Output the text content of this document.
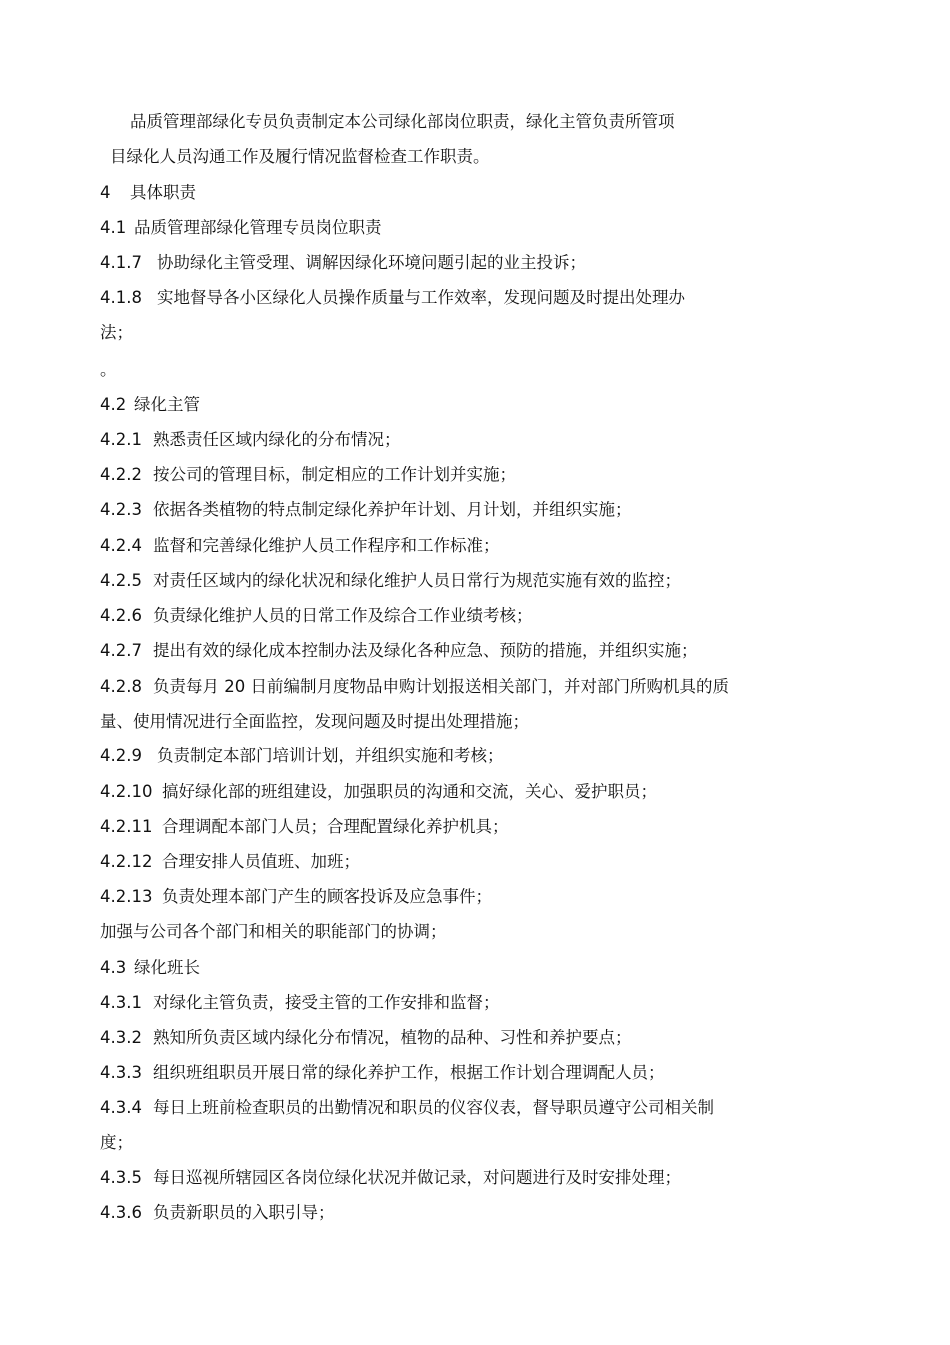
品质管理部绿化专员负责制定本公司绿化部岗位职责，绿化主管负责所管项
目绿化人员沟通工作及履行情况监督检查工作职责。
4 具体职责
4.1 品质管理部绿化管理专员岗位职责
4.1.7 协助绿化主管受理、调解因绿化环境问题引起的业主投诉；
4.1.8 实地督导各小区绿化人员操作质量与工作效率，发现问题及时提出处理办
法；
。
4.2 绿化主管
4.2.1 熟悉责任区域内绿化的分布情况；
4.2.2 按公司的管理目标，制定相应的工作计划并实施；
4.2.3 依据各类植物的特点制定绿化养护年计划、月计划，并组织实施；
4.2.4 监督和完善绿化维护人员工作程序和工作标准；
4.2.5 对责任区域内的绿化状况和绿化维护人员日常行为规范实施有效的监控；
4.2.6 负责绿化维护人员的日常工作及综合工作业绩考核；
4.2.7 提出有效的绿化成本控制办法及绿化各种应急、预防的措施，并组织实施；
4.2.8 负责每月 20 日前编制月度物品申购计划报送相关部门，并对部门所购机具的质
量、使用情况进行全面监控，发现问题及时提出处理措施；
4.2.9 负责制定本部门培训计划，并组织实施和考核；
4.2.10 搞好绿化部的班组建设，加强职员的沟通和交流，关心、爱护职员；
4.2.11 合理调配本部门人员；合理配置绿化养护机具；
4.2.12 合理安排人员值班、加班；
4.2.13 负责处理本部门产生的顾客投诉及应急事件；
加强与公司各个部门和相关的职能部门的协调；
4.3 绿化班长
4.3.1 对绿化主管负责，接受主管的工作安排和监督；
4.3.2 熟知所负责区域内绿化分布情况，植物的品种、习性和养护要点；
4.3.3 组织班组职员开展日常的绿化养护工作，根据工作计划合理调配人员；
4.3.4 每日上班前检查职员的出勤情况和职员的仪容仪表，督导职员遵守公司相关制
度；
4.3.5 每日巡视所辖园区各岗位绿化状况并做记录，对问题进行及时安排处理；
4.3.6 负责新职员的入职引导；
